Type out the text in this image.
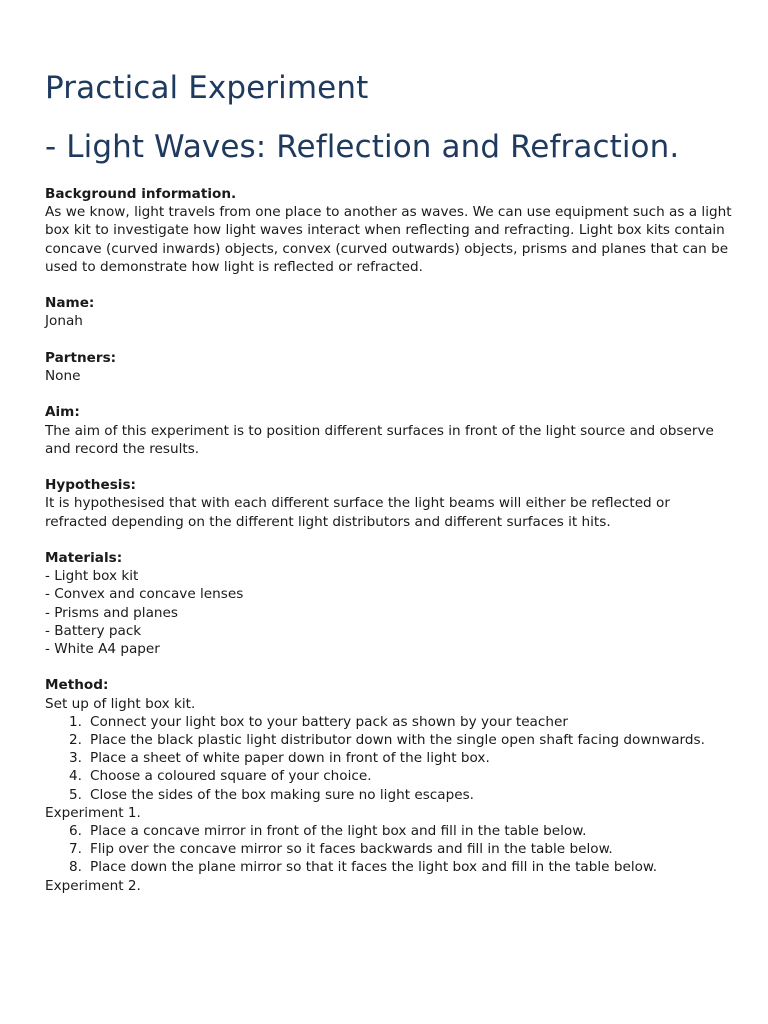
Practical Experiment
- Light Waves: Reflection and Refraction.

Background information.

As we know, light travels from one place to another as waves. We can use equipment such as a light box kit to investigate how light waves interact when reflecting and refracting. Light box kits contain concave (curved inwards) objects, convex (curved outwards) objects, prisms and planes that can be used to demonstrate how light is reflected or refracted.

Name:

Jonah

Partners:

None

Aim:

The aim of this experiment is to position different surfaces in front of the light source and observe and record the results.

Hypothesis:

It is hypothesised that with each different surface the light beams will either be reflected or refracted depending on the different light distributors and different surfaces it hits.

Materials:

- Light box kit

- Convex and concave lenses

- Prisms and planes

- Battery pack

- White A4 paper

Method:

Set up of light box kit.

1. Connect your light box to your battery pack as shown by your teacher
2. Place the black plastic light distributor down with the single open shaft facing downwards.
3. Place a sheet of white paper down in front of the light box.
4. Choose a coloured square of your choice.
5. Close the sides of the box making sure no light escapes.

Experiment 1.

6. Place a concave mirror in front of the light box and fill in the table below.
7. Flip over the concave mirror so it faces backwards and fill in the table below.
8. Place down the plane mirror so that it faces the light box and fill in the table below.

Experiment 2.
